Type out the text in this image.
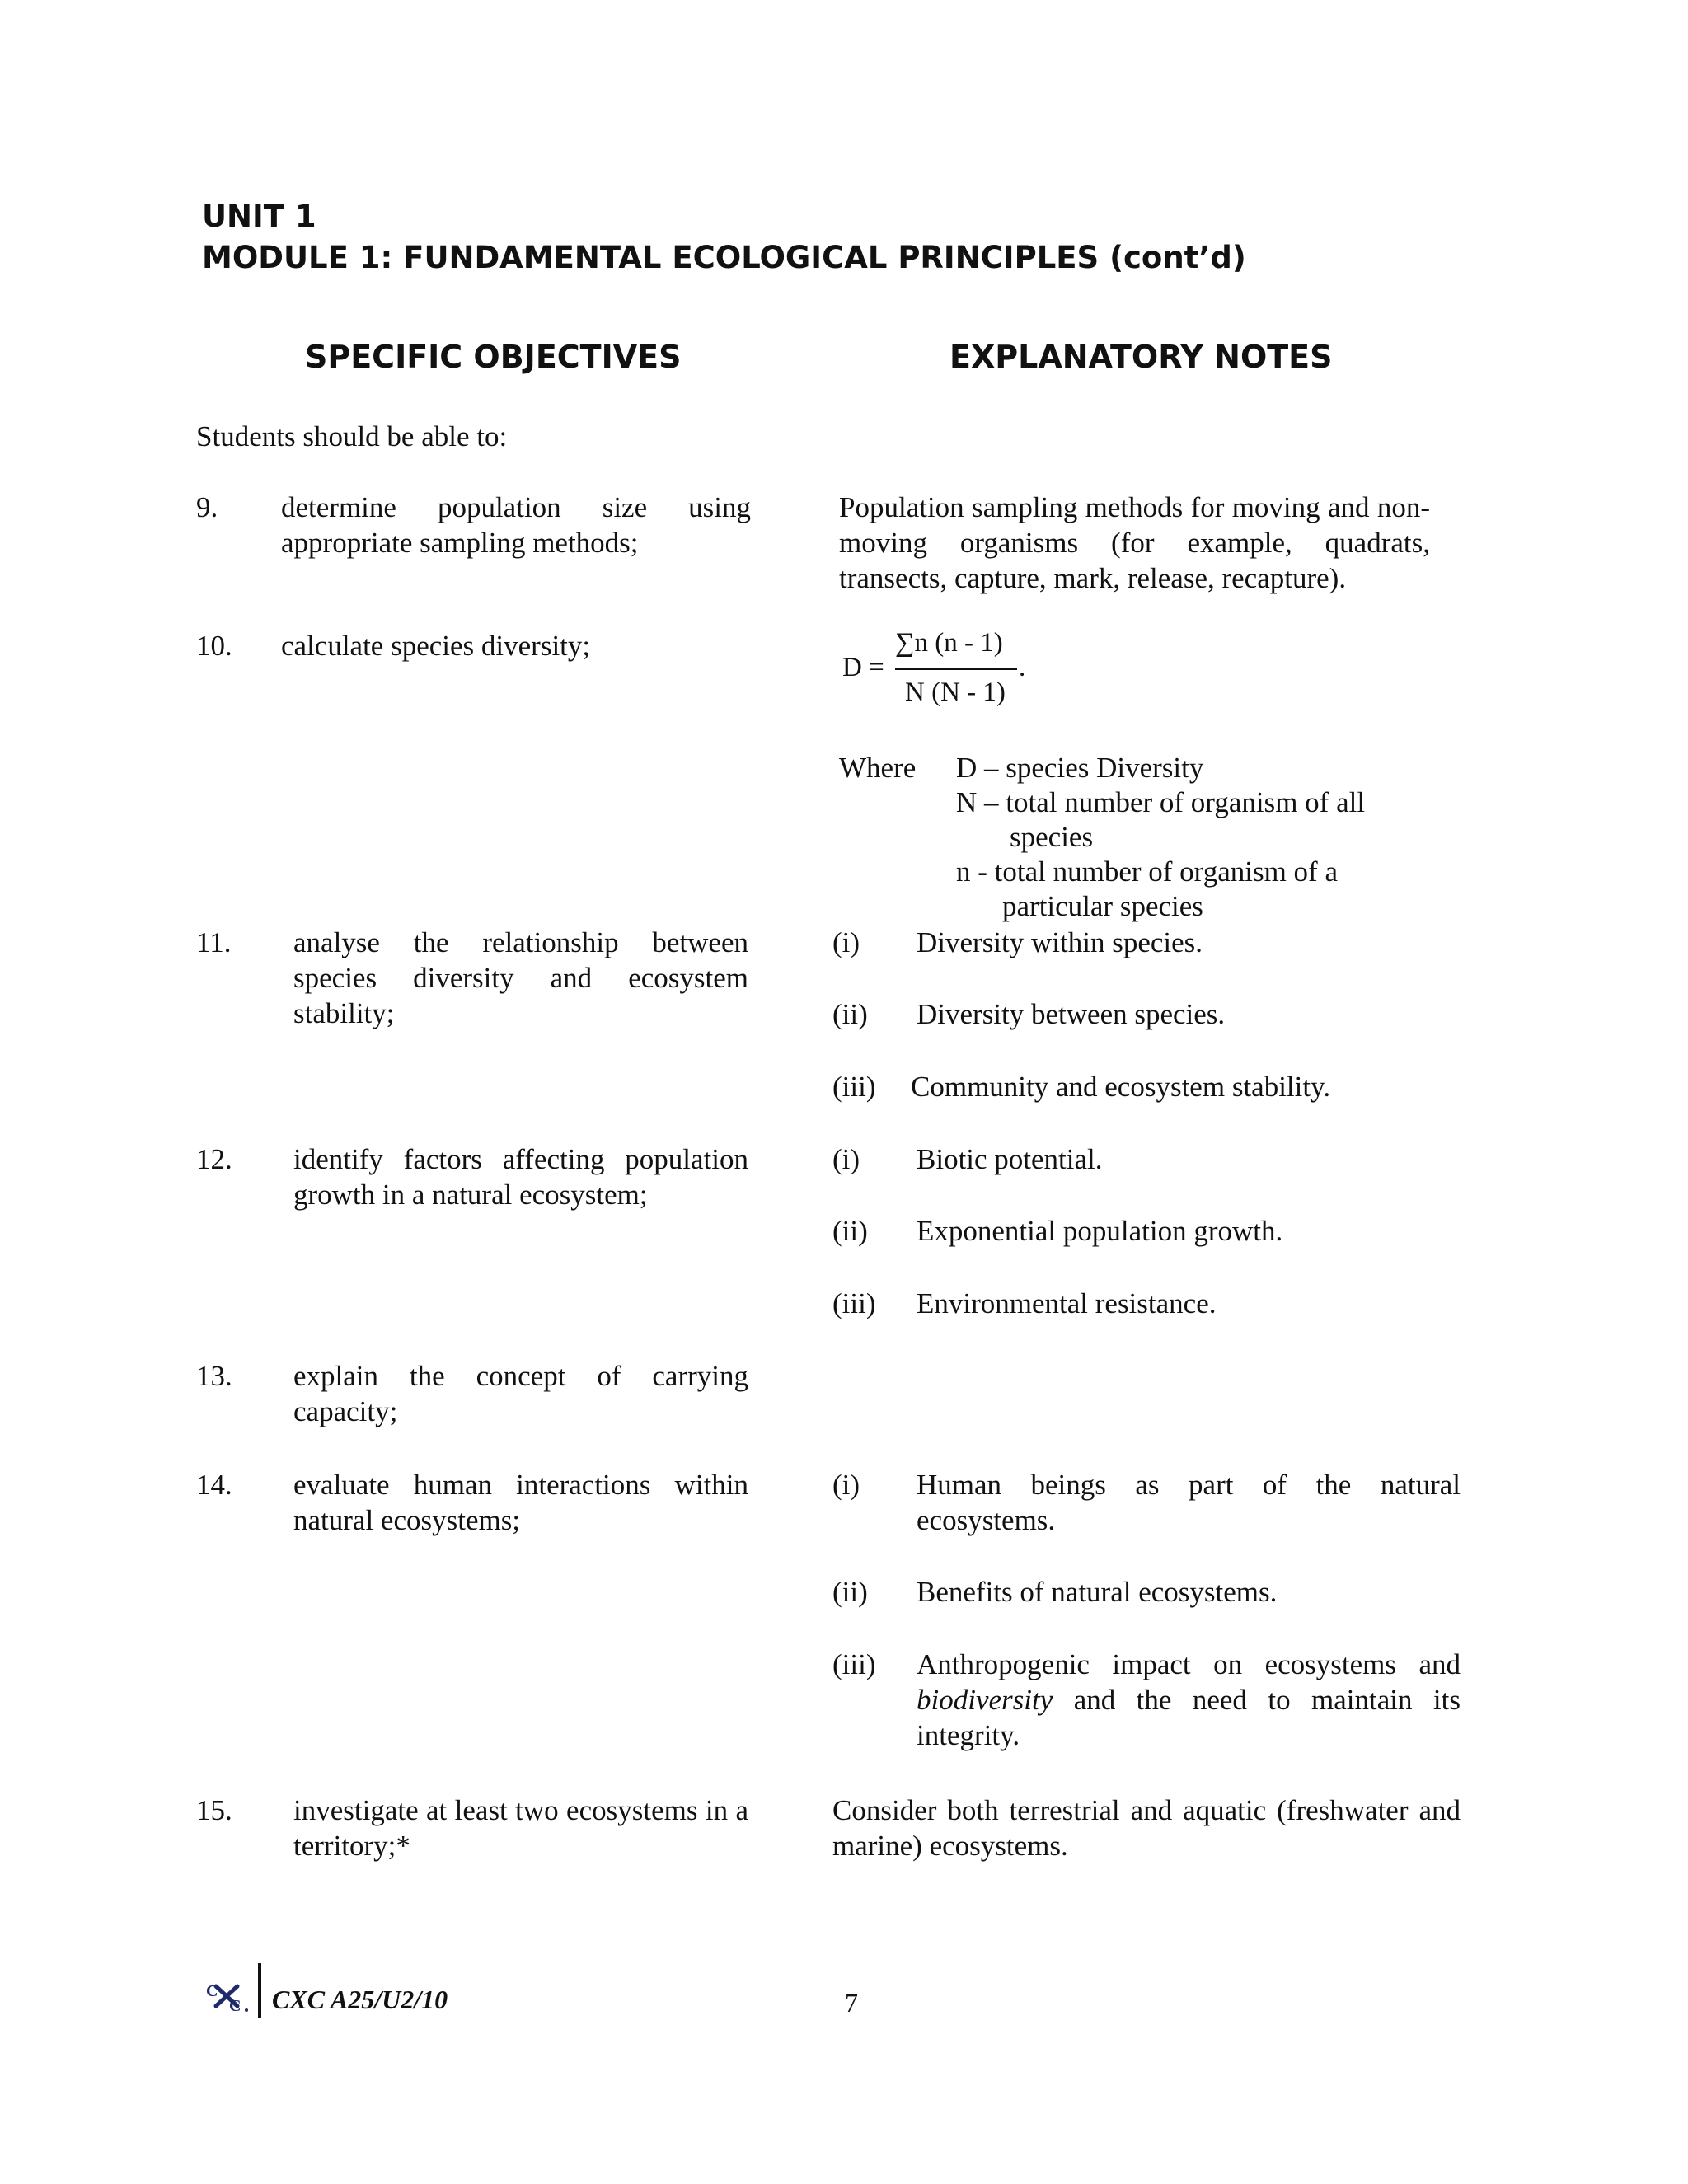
UNIT 1
MODULE 1: FUNDAMENTAL ECOLOGICAL PRINCIPLES (cont’d)
SPECIFIC OBJECTIVES	EXPLANATORY NOTES
Students should be able to:
9. determine population size using appropriate sampling methods;
10. calculate species diversity;
11. analyse the relationship between species diversity and ecosystem stability;
12. identify factors affecting population growth in a natural ecosystem;
13. explain the concept of carrying capacity;
14. evaluate human interactions within natural ecosystems;
15. investigate at least two ecosystems in a territory;*
Population sampling methods for moving and non-moving organisms (for example, quadrats, transects, capture, mark, release, recapture).
D =
∑n (n - 1)
N (N - 1)
.
Where D – species Diversity
N – total number of organism of all
species
n - total number of organism of a
particular species
(i) Diversity within species.
(ii) Diversity between species.
(iii) Community and ecosystem stability.
(i) Biotic potential.
(ii) Exponential population growth.
(iii) Environmental resistance.
(i) Human beings as part of the natural ecosystems.
(ii) Benefits of natural ecosystems.
(iii) Anthropogenic impact on ecosystems and biodiversity and the need to maintain its integrity.
Consider both terrestrial and aquatic (freshwater and marine) ecosystems.
C
C CXC A25/U2/10	7
